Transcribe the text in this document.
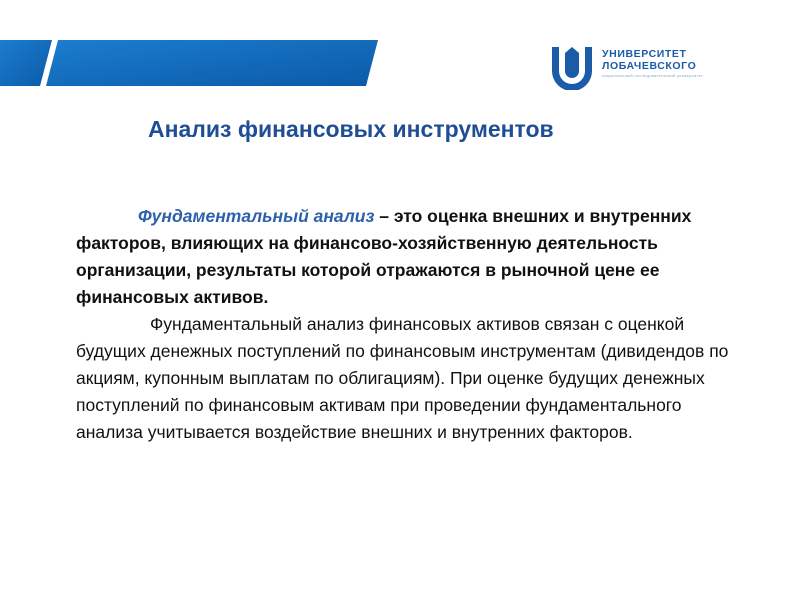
УНИВЕРСИТЕТ
ЛОБАЧЕВСКОГО
национальный исследовательский университет
Анализ финансовых инструментов

Фундаментальный анализ – это оценка внешних и внутренних факторов, влияющих на финансово-хозяйственную деятельность организации, результаты которой отражаются в рыночной цене ее финансовых активов.

Фундаментальный анализ финансовых активов связан с оценкой будущих денежных поступлений по финансовым инструментам (дивидендов по акциям, купонным выплатам по облигациям). При оценке будущих денежных поступлений по финансовым активам при проведении фундаментального анализа учитывается воздействие внешних и внутренних факторов.
